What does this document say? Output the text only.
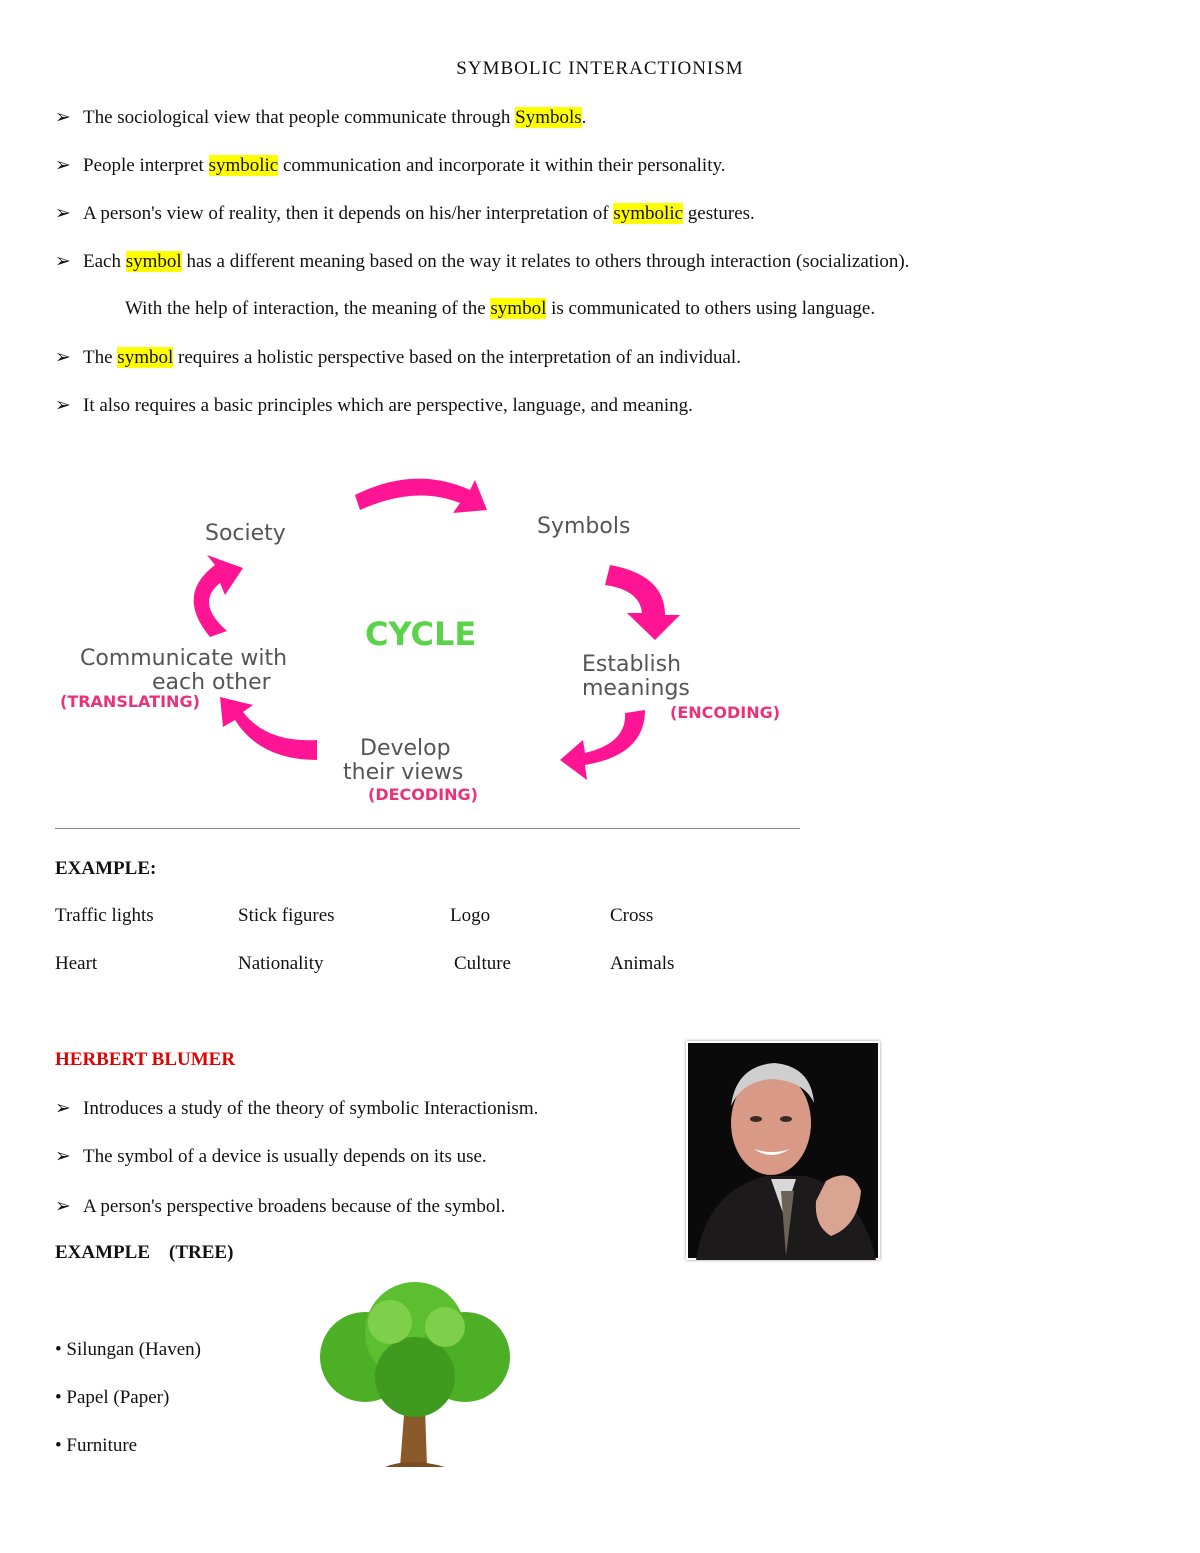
SYMBOLIC INTERACTIONISM
➢ The sociological view that people communicate through Symbols.
➢ People interpret symbolic communication and incorporate it within their personality.
➢ A person's view of reality, then it depends on his/her interpretation of symbolic gestures.
➢ Each symbol has a different meaning based on the way it relates to others through interaction (socialization).
With the help of interaction, the meaning of the symbol is communicated to others using language.
➢ The symbol requires a holistic perspective based on the interpretation of an individual.
➢ It also requires a basic principles which are perspective, language, and meaning.
Society	Symbols
CYCLE
Establish
meanings
(ENCODING)
Develop
their views
(DECODING)
Communicate with
each other
(TRANSLATING)
EXAMPLE:
Traffic lights	Stick figures	Logo	Cross
Heart	Nationality	Culture	Animals
HERBERT BLUMER
➢ Introduces a study of the theory of symbolic Interactionism.
➢ The symbol of a device is usually depends on its use.
➢ A person's perspective broadens because of the symbol.
EXAMPLE    (TREE)
• Silungan (Haven)
• Papel (Paper)
• Furniture
